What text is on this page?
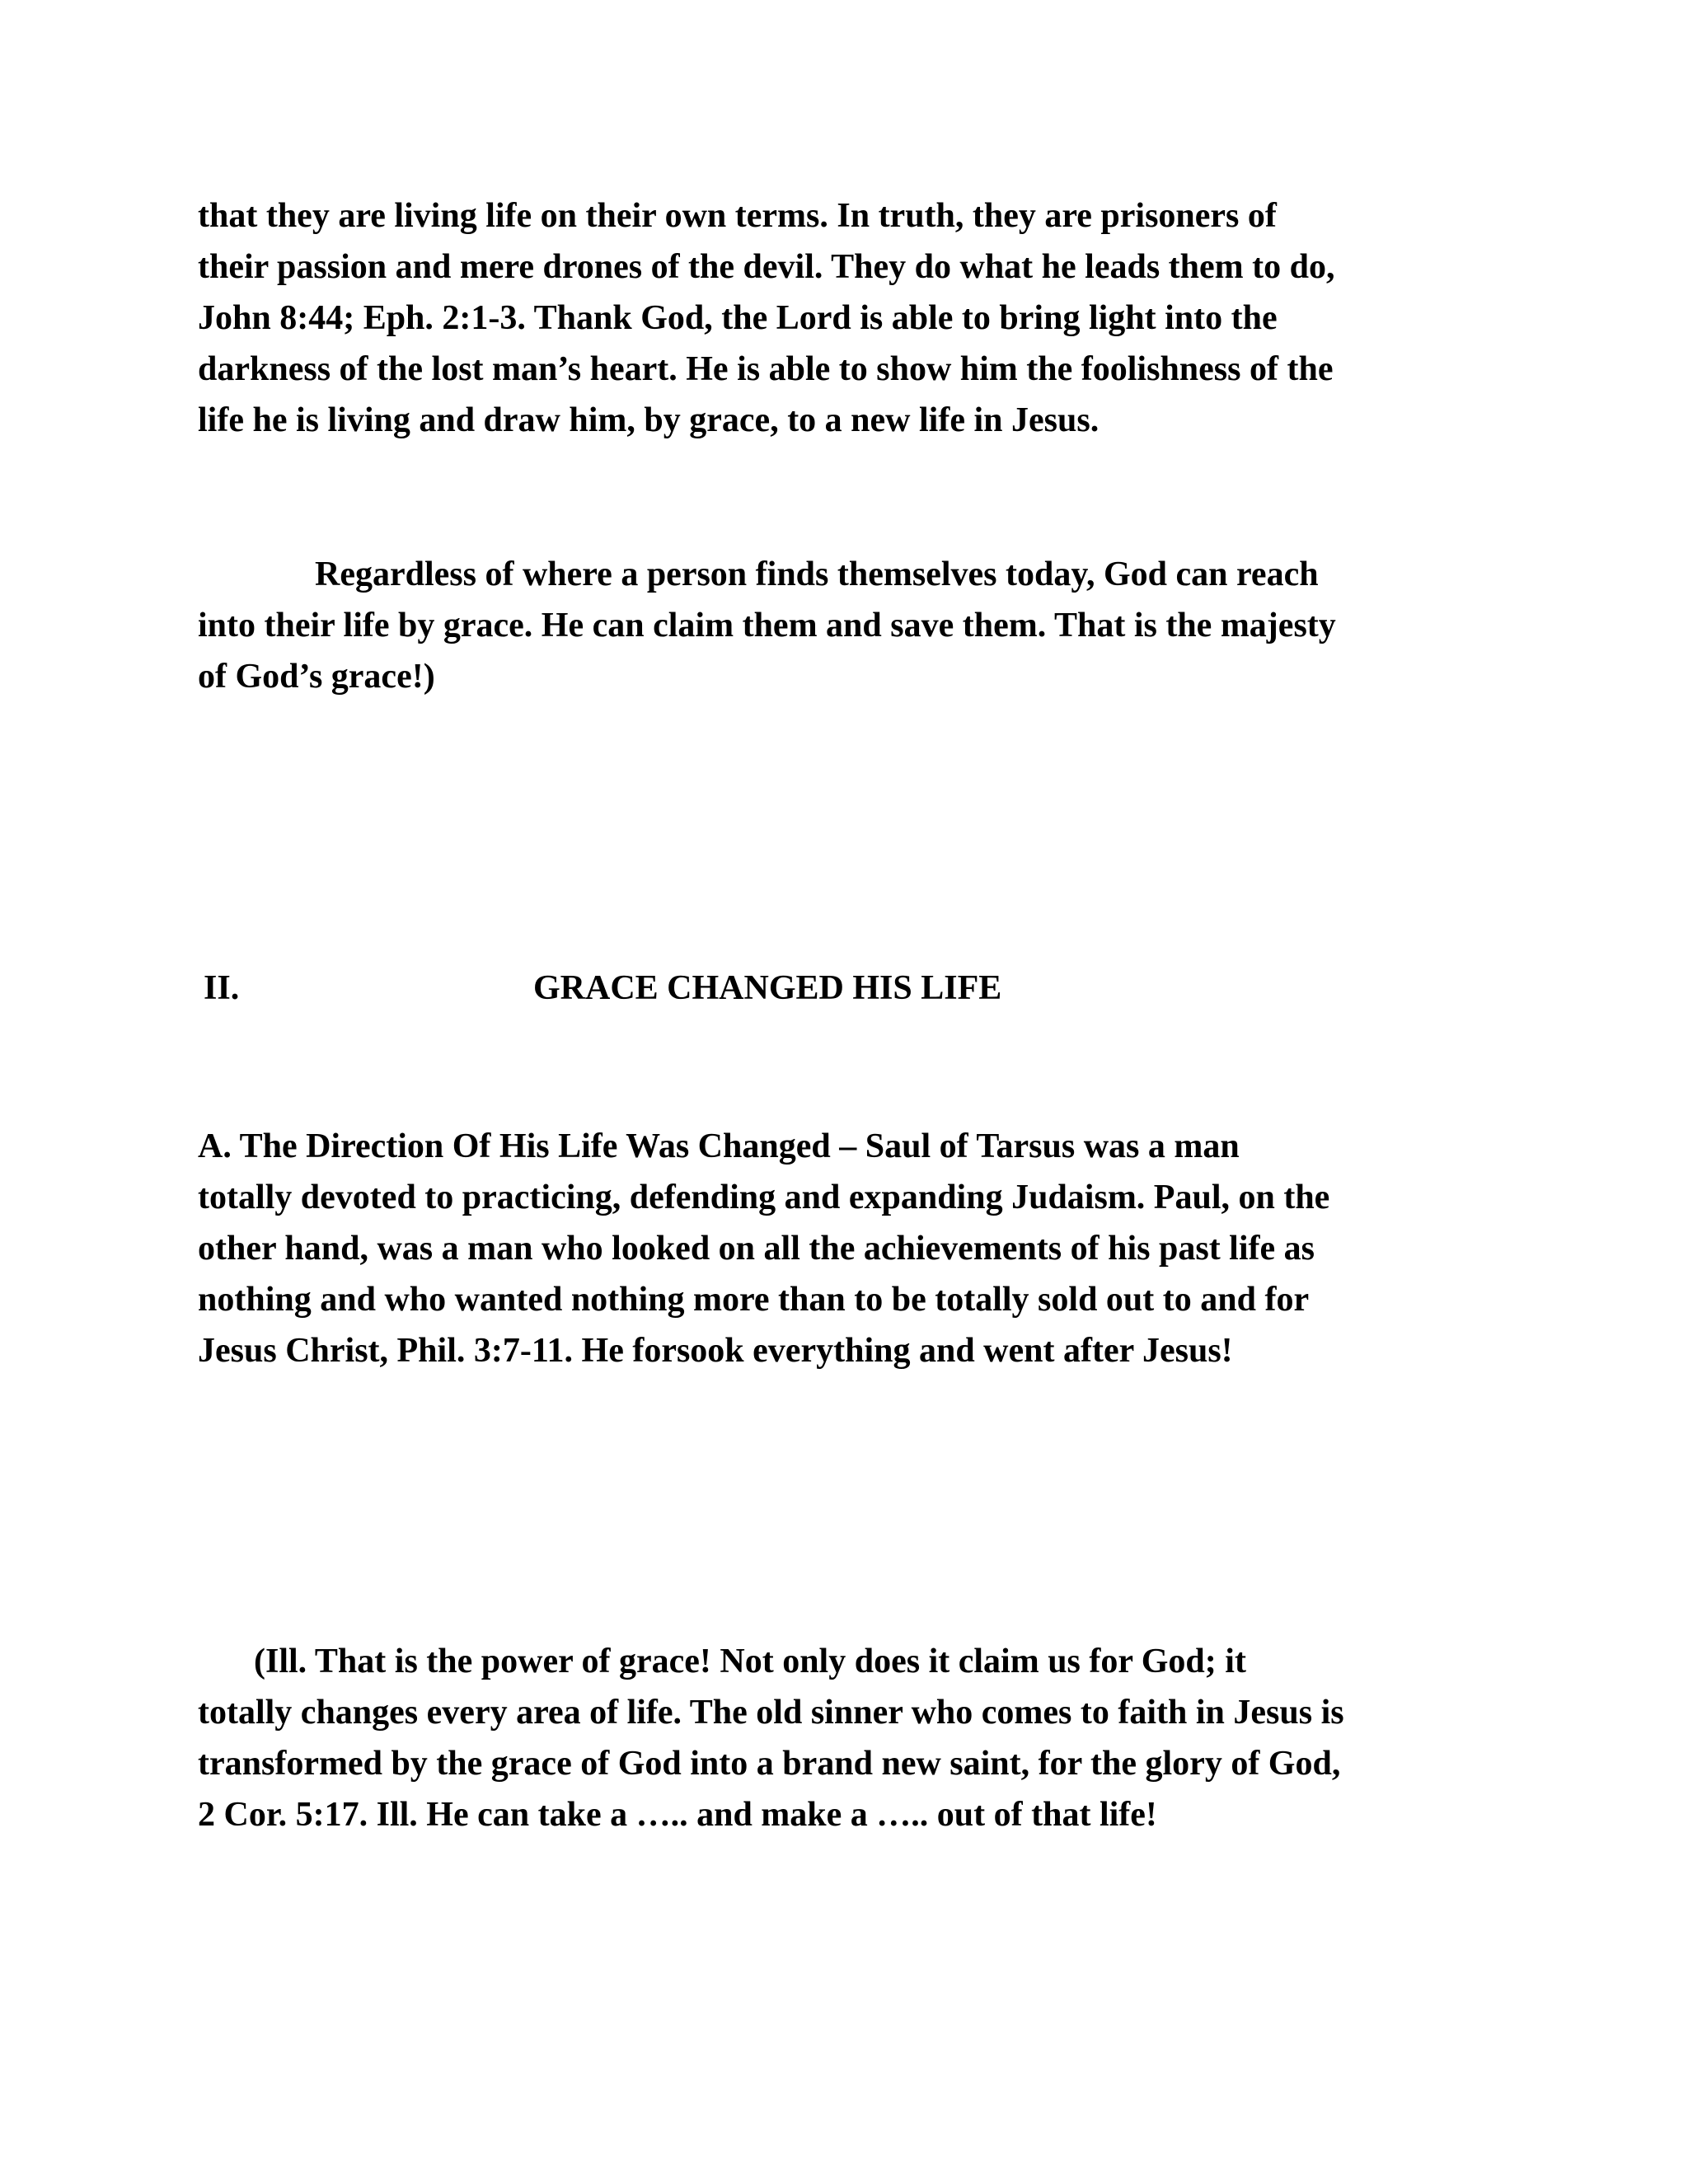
that they are living life on their own terms. In truth, they are prisoners of
their passion and mere drones of the devil. They do what he leads them to do,
John 8:44; Eph. 2:1-3. Thank God, the Lord is able to bring light into the
darkness of the lost man’s heart. He is able to show him the foolishness of the
life he is living and draw him, by grace, to a new life in Jesus.
Regardless of where a person finds themselves today, God can reach
into their life by grace. He can claim them and save them. That is the majesty
of God’s grace!)
II.	GRACE CHANGED HIS LIFE
A. The Direction Of His Life Was Changed – Saul of Tarsus was a man
totally devoted to practicing, defending and expanding Judaism. Paul, on the
other hand, was a man who looked on all the achievements of his past life as
nothing and who wanted nothing more than to be totally sold out to and for
Jesus Christ, Phil. 3:7-11. He forsook everything and went after Jesus!
(Ill. That is the power of grace! Not only does it claim us for God; it
totally changes every area of life. The old sinner who comes to faith in Jesus is
transformed by the grace of God into a brand new saint, for the glory of God,
2 Cor. 5:17. Ill. He can take a ….. and make a ….. out of that life!
